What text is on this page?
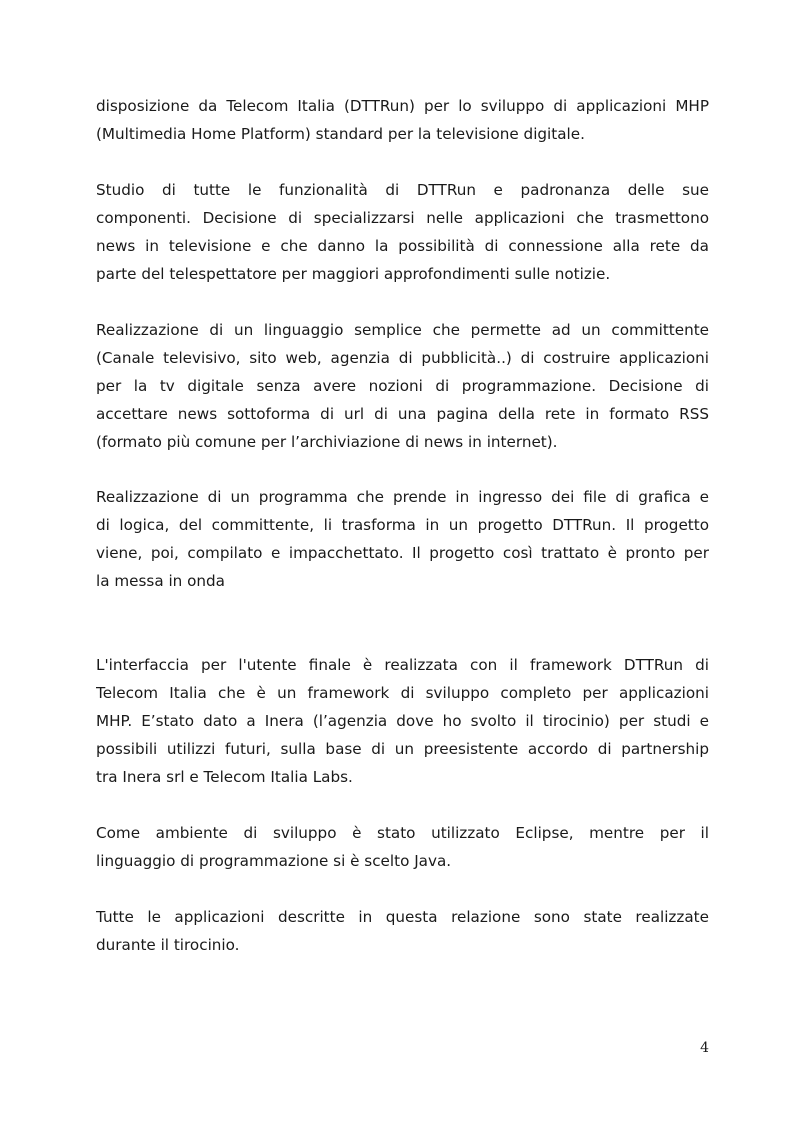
disposizione da Telecom Italia (DTTRun) per lo sviluppo di applicazioni MHP
(Multimedia Home Platform) standard per la televisione digitale.

Studio di tutte le funzionalità di DTTRun e padronanza delle sue
componenti. Decisione di specializzarsi nelle applicazioni che trasmettono
news in televisione e che danno la possibilità di connessione alla rete da
parte del telespettatore per maggiori approfondimenti sulle notizie.

Realizzazione di un linguaggio semplice che permette ad un committente
(Canale televisivo, sito web, agenzia di pubblicità..) di costruire applicazioni
per la tv digitale senza avere nozioni di programmazione. Decisione di
accettare news sottoforma di url di una pagina della rete in formato RSS
(formato più comune per l’archiviazione di news in internet).

Realizzazione di un programma che prende in ingresso dei file di grafica e
di logica, del committente, li trasforma in un progetto DTTRun. Il progetto
viene, poi, compilato e impacchettato. Il progetto così trattato è pronto per
la messa in onda

L'interfaccia per l'utente finale è realizzata con il framework DTTRun di
Telecom Italia che è un framework di sviluppo completo per applicazioni
MHP. E’stato dato a Inera (l’agenzia dove ho svolto il tirocinio) per studi e
possibili utilizzi futuri, sulla base di un preesistente accordo di partnership
tra Inera srl e Telecom Italia Labs.

Come ambiente di sviluppo è stato utilizzato Eclipse, mentre per il
linguaggio di programmazione si è scelto Java.

Tutte le applicazioni descritte in questa relazione sono state realizzate
durante il tirocinio.

4
